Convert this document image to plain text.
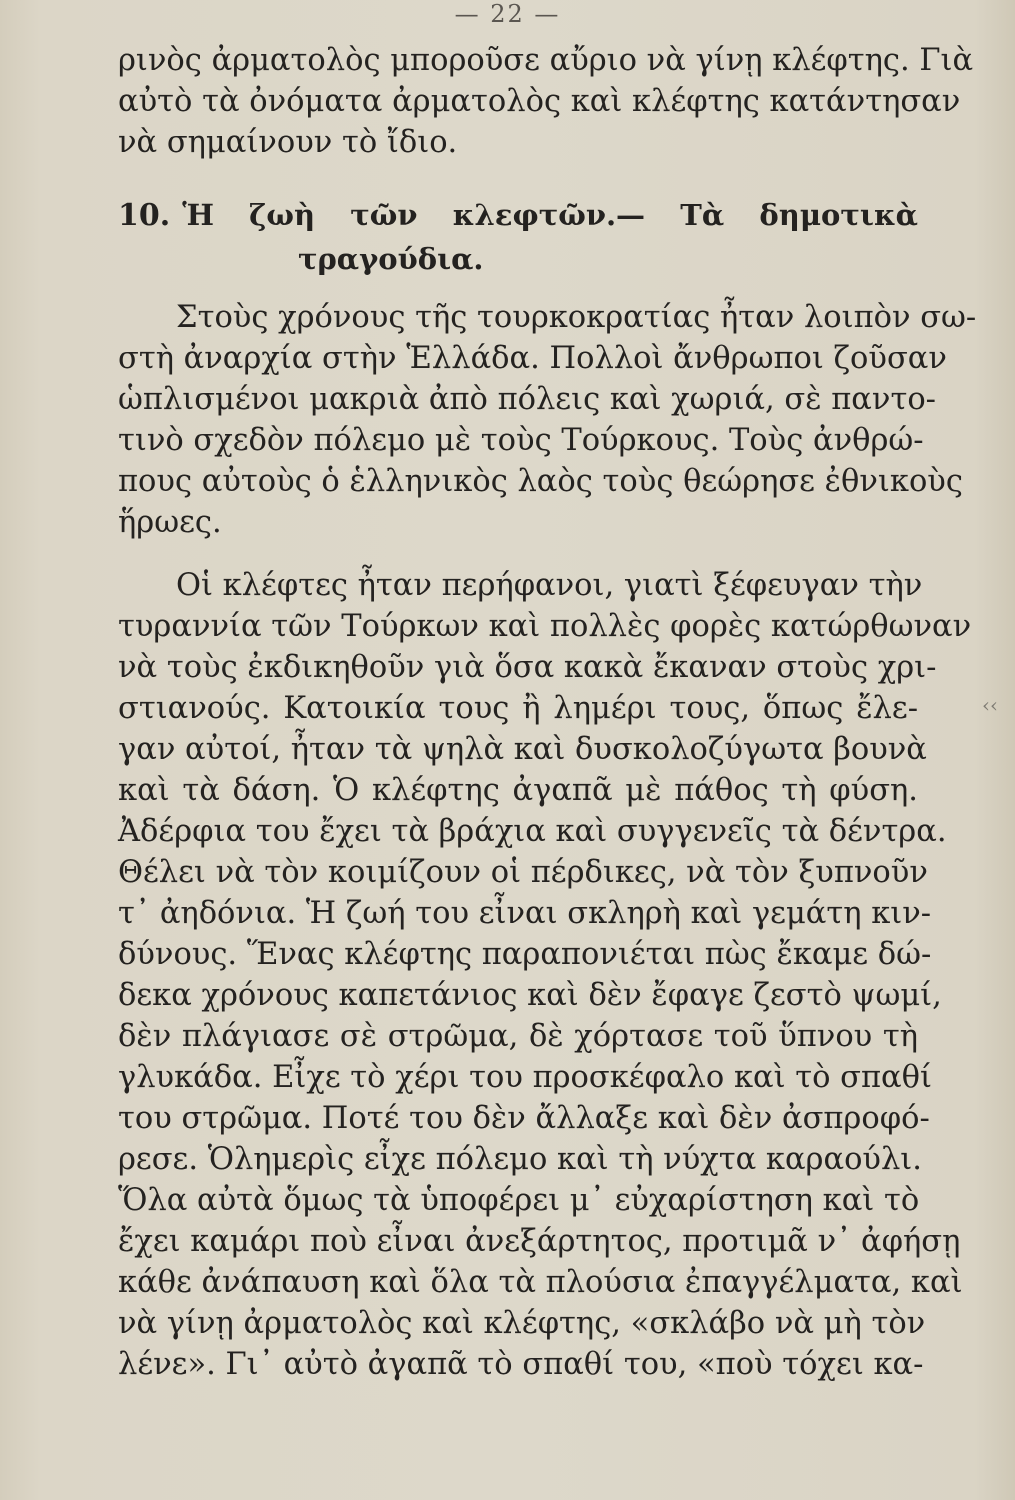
— 22 —
ρινὸς ἀρματολὸς μποροῦσε αὔριο νὰ γίνῃ κλέφτης. Γιὰ
αὐτὸ τὰ ὀνόματα ἀρματολὸς καὶ κλέφτης κατάντησαν
νὰ σημαίνουν τὸ ἴδιο.
10. Ἡ ζωὴ τῶν κλεφτῶν.— Τὰ δημοτικὰ
τραγούδια.
Στοὺς χρόνους τῆς τουρκοκρατίας ἦταν λοιπὸν σω-
στὴ ἀναρχία στὴν Ἑλλάδα. Πολλοὶ ἄνθρωποι ζοῦσαν
ὡπλισμένοι μακριὰ ἀπὸ πόλεις καὶ χωριά, σὲ παντο-
τινὸ σχεδὸν πόλεμο μὲ τοὺς Τούρκους. Τοὺς ἀνθρώ-
πους αὐτοὺς ὁ ἑλληνικὸς λαὸς τοὺς θεώρησε ἐθνικοὺς
ἥρωες.
Οἱ κλέφτες ἦταν περήφανοι, γιατὶ ξέφευγαν τὴν
τυραννία τῶν Τούρκων καὶ πολλὲς φορὲς κατώρθωναν
νὰ τοὺς ἐκδικηθοῦν γιὰ ὅσα κακὰ ἔκαναν στοὺς χρι-
στιανούς. Κατοικία τους ἢ λημέρι τους, ὅπως ἔλε-
γαν αὐτοί, ἦταν τὰ ψηλὰ καὶ δυσκολοζύγωτα βουνὰ
καὶ τὰ δάση. Ὁ κλέφτης ἀγαπᾶ μὲ πάθος τὴ φύση.
Ἀδέρφια του ἔχει τὰ βράχια καὶ συγγενεῖς τὰ δέντρα.
Θέλει νὰ τὸν κοιμίζουν οἱ πέρδικες, νὰ τὸν ξυπνοῦν
τ᾽ ἀηδόνια. Ἡ ζωή του εἶναι σκληρὴ καὶ γεμάτη κιν-
δύνους. Ἕνας κλέφτης παραπονιέται πὼς ἔκαμε δώ-
δεκα χρόνους καπετάνιος καὶ δὲν ἔφαγε ζεστὸ ψωμί,
δὲν πλάγιασε σὲ στρῶμα, δὲ χόρτασε τοῦ ὕπνου τὴ
γλυκάδα. Εἶχε τὸ χέρι του προσκέφαλο καὶ τὸ σπαθί
του στρῶμα. Ποτέ του δὲν ἄλλαξε καὶ δὲν ἀσπροφό-
ρεσε. Ὁλημερὶς εἶχε πόλεμο καὶ τὴ νύχτα καραούλι.
Ὅλα αὐτὰ ὅμως τὰ ὑποφέρει μ᾽ εὐχαρίστηση καὶ τὸ
ἔχει καμάρι ποὺ εἶναι ἀνεξάρτητος, προτιμᾶ ν᾽ ἀφήσῃ
κάθε ἀνάπαυση καὶ ὅλα τὰ πλούσια ἐπαγγέλματα, καὶ
νὰ γίνῃ ἀρματολὸς καὶ κλέφτης, «σκλάβο νὰ μὴ τὸν
λένε». Γι᾽ αὐτὸ ἀγαπᾶ τὸ σπαθί του, «ποὺ τόχει κα-
‹‹
